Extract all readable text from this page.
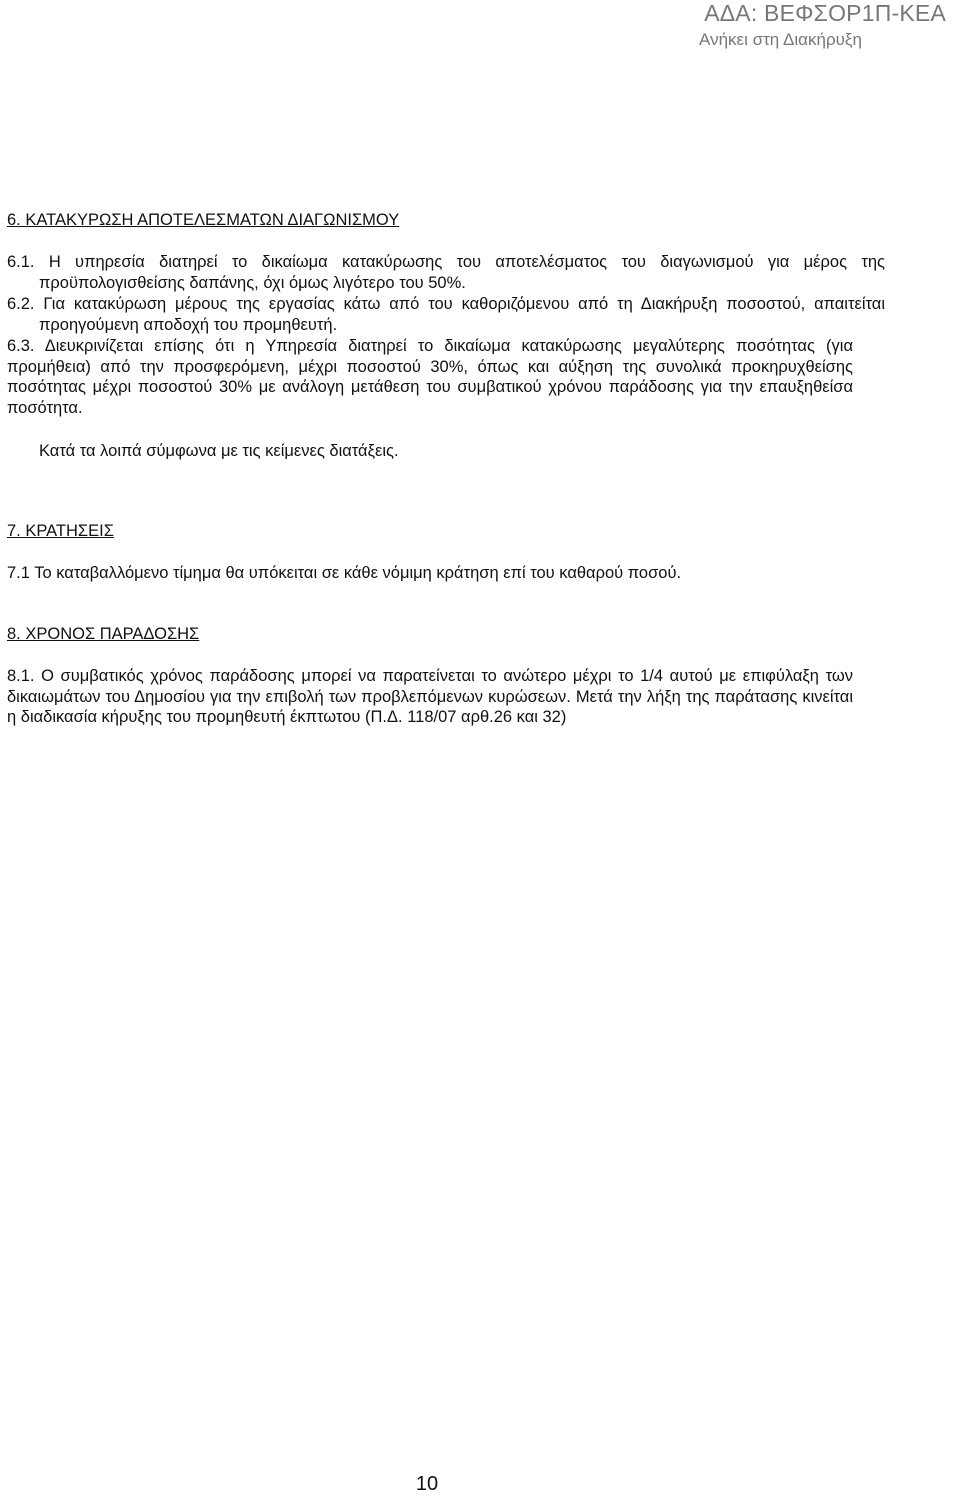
ΑΔΑ: ΒΕΦΣΟΡ1Π-ΚΕΑ
Ανήκει στη Διακήρυξη
6. ΚΑΤΑΚΥΡΩΣΗ ΑΠΟΤΕΛΕΣΜΑΤΩΝ ΔΙΑΓΩΝΙΣΜΟΥ

6.1. Η υπηρεσία διατηρεί το δικαίωμα κατακύρωσης του αποτελέσματος του διαγωνισμού για μέρος της προϋπολογισθείσης δαπάνης, όχι όμως λιγότερο του 50%.

6.2. Για κατακύρωση μέρους της εργασίας κάτω από του καθοριζόμενου από τη Διακήρυξη ποσοστού, απαιτείται προηγούμενη αποδοχή του προμηθευτή.

6.3. Διευκρινίζεται επίσης ότι η Υπηρεσία διατηρεί το δικαίωμα κατακύρωσης μεγαλύτερης ποσότητας (για προμήθεια) από την προσφερόμενη, μέχρι ποσοστού 30%, όπως και αύξηση της συνολικά προκηρυχθείσης ποσότητας μέχρι ποσοστού 30% με ανάλογη μετάθεση του συμβατικού χρόνου παράδοσης για την επαυξηθείσα ποσότητα.

Κατά τα λοιπά σύμφωνα με τις κείμενες διατάξεις.

7. ΚΡΑΤΗΣΕΙΣ

7.1 Το καταβαλλόμενο τίμημα θα υπόκειται σε κάθε νόμιμη κράτηση επί του καθαρού ποσού.

8. ΧΡΟΝΟΣ ΠΑΡΑΔΟΣΗΣ

8.1. Ο συμβατικός χρόνος παράδοσης μπορεί να παρατείνεται το ανώτερο μέχρι το 1/4 αυτού με επιφύλαξη των δικαιωμάτων του Δημοσίου για την επιβολή των προβλεπόμενων κυρώσεων. Μετά την λήξη της παράτασης κινείται η διαδικασία κήρυξης του προμηθευτή έκπτωτου (Π.Δ. 118/07 αρθ.26 και 32)

10
